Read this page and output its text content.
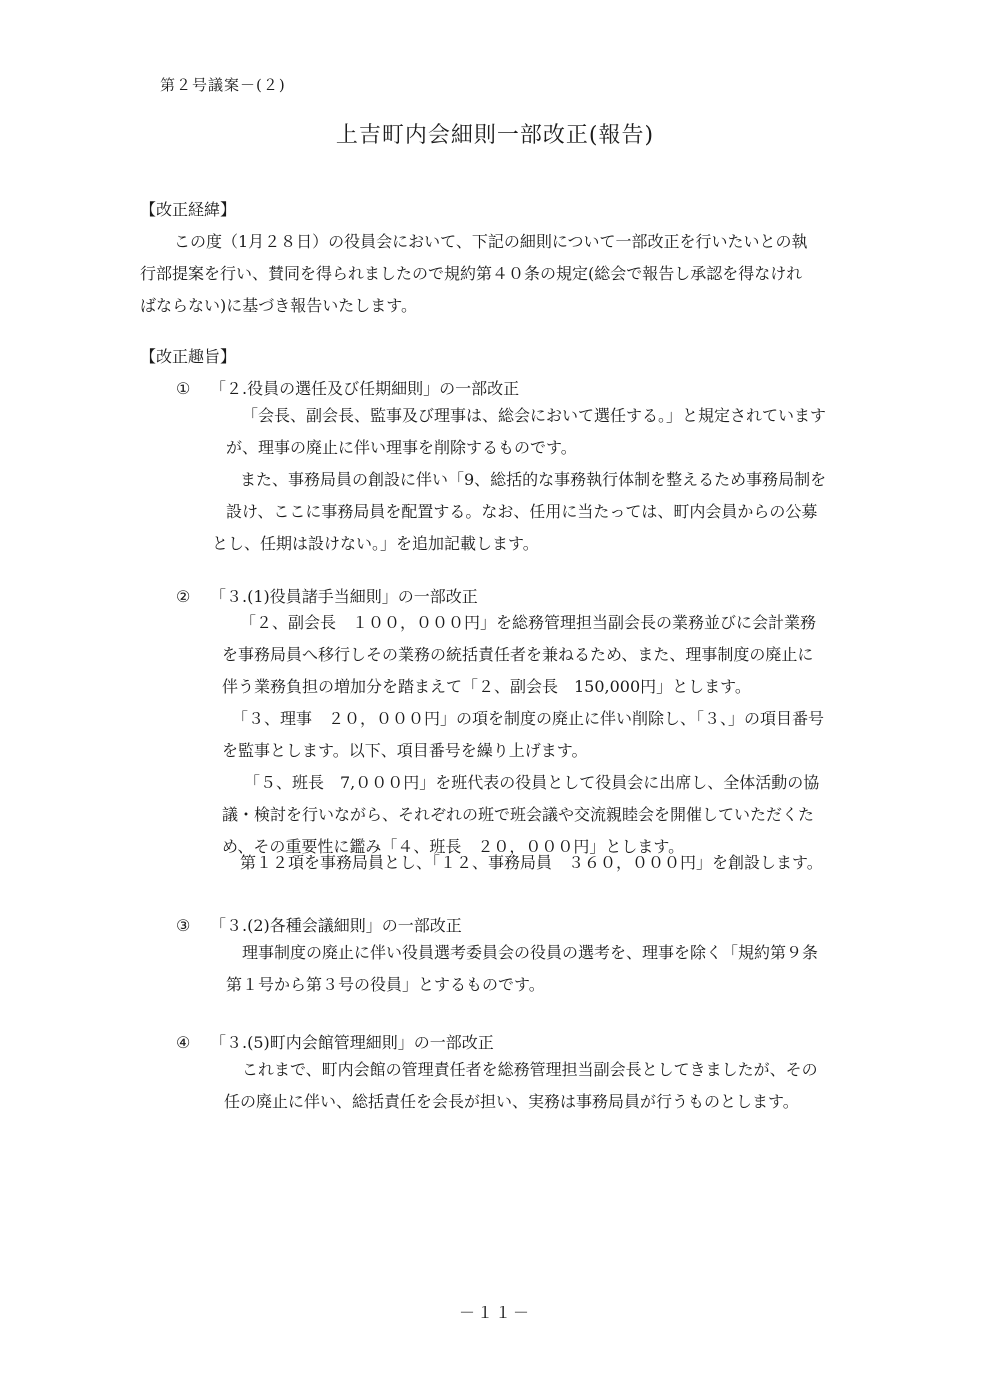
第２号議案－(２)
上吉町内会細則一部改正(報告)
【改正経緯】
この度（1月２８日）の役員会において、下記の細則について一部改正を行いたいとの執
行部提案を行い、賛同を得られましたので規約第４０条の規定(総会で報告し承認を得なけれ
ばならない)に基づき報告いたします。
【改正趣旨】
① 「２.役員の選任及び任期細則」の一部改正
「会長、副会長、監事及び理事は、総会において選任する。」と規定されています
が、理事の廃止に伴い理事を削除するものです。
また、事務局員の創設に伴い「9、総括的な事務執行体制を整えるため事務局制を
設け、ここに事務局員を配置する。なお、任用に当たっては、町内会員からの公募
とし、任期は設けない。」を追加記載します。
② 「３.(1)役員諸手当細則」の一部改正
「２、副会長　１００，０００円」を総務管理担当副会長の業務並びに会計業務
を事務局員へ移行しその業務の統括責任者を兼ねるため、また、理事制度の廃止に
伴う業務負担の増加分を踏まえて「２、副会長　150,000円」とします。
「３、理事　２０，０００円」の項を制度の廃止に伴い削除し、「３、」の項目番号
を監事とします。以下、項目番号を繰り上げます。
「５、班長　7,０００円」を班代表の役員として役員会に出席し、全体活動の協
議・検討を行いながら、それぞれの班で班会議や交流親睦会を開催していただくた
め、その重要性に鑑み「４、班長　２０，０００円」とします。
第１２項を事務局員とし、「１２、事務局員　３６０，０００円」を創設します。
③ 「３.(2)各種会議細則」の一部改正
理事制度の廃止に伴い役員選考委員会の役員の選考を、理事を除く「規約第９条
第１号から第３号の役員」とするものです。
④ 「３.(5)町内会館管理細則」の一部改正
これまで、町内会館の管理責任者を総務管理担当副会長としてきましたが、その
任の廃止に伴い、総括責任を会長が担い、実務は事務局員が行うものとします。
－１１－
